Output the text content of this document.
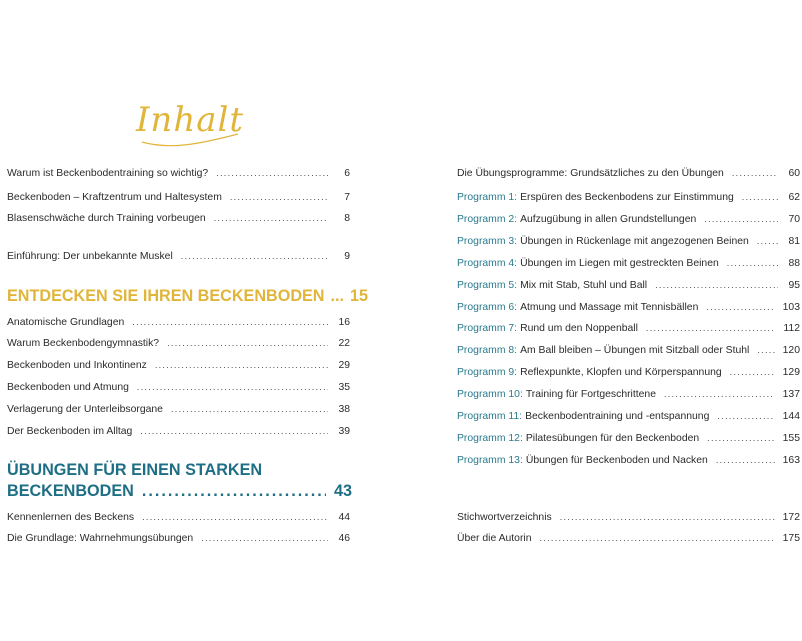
Inhalt
Warum ist Beckenbodentraining so wichtig? .....	6
Beckenboden – Kraftzentrum und Haltesystem .....	7
Blasenschwäche durch Training vorbeugen .....	8
Einführung: Der unbekannte Muskel .....	9
ENTDECKEN SIE IHREN BECKENBODEN ... 15
Anatomische Grundlagen .....	16
Warum Beckenbodengymnastik? .....	22
Beckenboden und Inkontinenz .....	29
Beckenboden und Atmung .....	35
Verlagerung der Unterleibsorgane .....	38
Der Beckenboden im Alltag .....	39
ÜBUNGEN FÜR EINEN STARKEN
BECKENBODEN .....	43
Kennenlernen des Beckens .....	44
Die Grundlage: Wahrnehmungsübungen .....	46
Die Übungsprogramme: Grundsätzliches zu den Übungen .....	60
Programm 1: Erspüren des Beckenbodens zur Einstimmung .....	62
Programm 2: Aufzugübung in allen Grundstellungen .....	70
Programm 3: Übungen in Rückenlage mit angezogenen Beinen .....	81
Programm 4: Übungen im Liegen mit gestreckten Beinen .....	88
Programm 5: Mix mit Stab, Stuhl und Ball .....	95
Programm 6: Atmung und Massage mit Tennisbällen .....	103
Programm 7: Rund um den Noppenball .....	112
Programm 8: Am Ball bleiben – Übungen mit Sitzball oder Stuhl .....	120
Programm 9: Reflexpunkte, Klopfen und Körperspannung .....	129
Programm 10: Training für Fortgeschrittene .....	137
Programm 11: Beckenbodentraining und -entspannung .....	144
Programm 12: Pilatesübungen für den Beckenboden .....	155
Programm 13: Übungen für Beckenboden und Nacken .....	163
Stichwortverzeichnis .....	172
Über die Autorin .....	175
